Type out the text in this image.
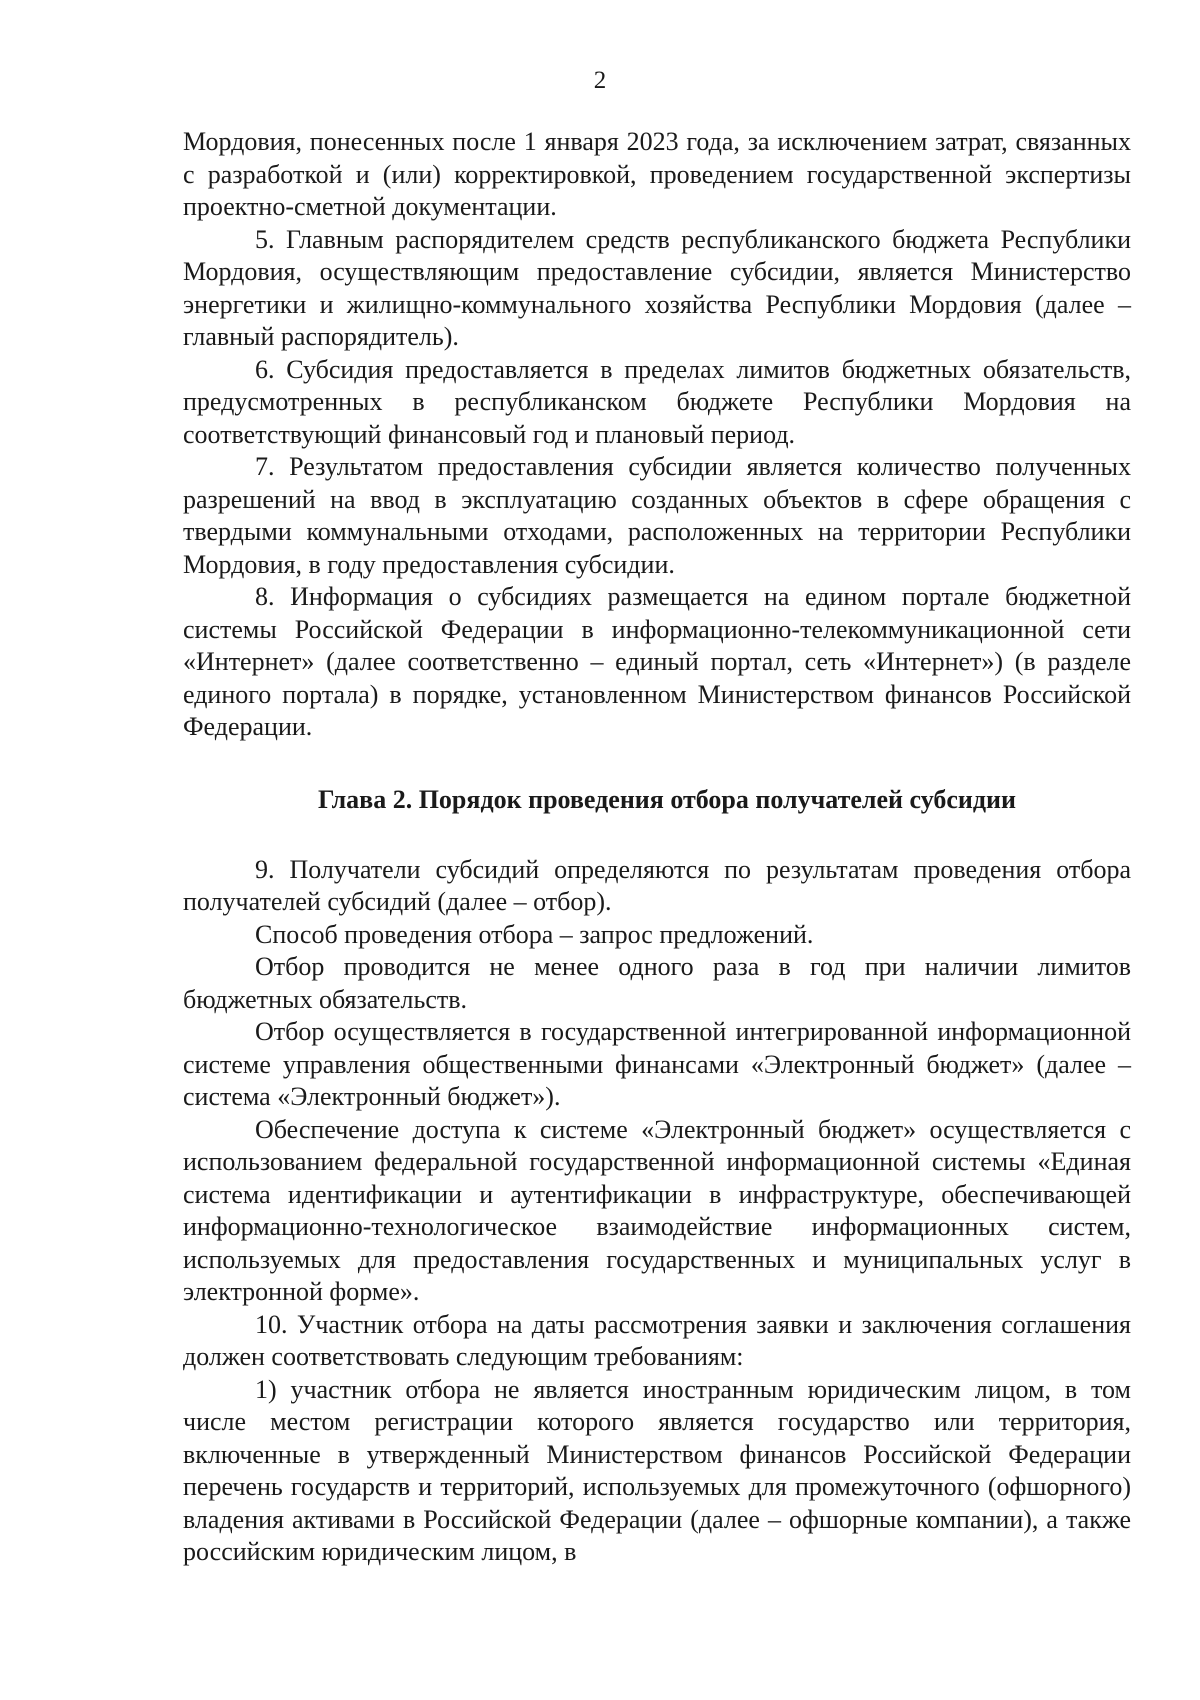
2

Мордовия, понесенных после 1 января 2023 года, за исключением затрат, связанных с разработкой и (или) корректировкой, проведением государственной экспертизы проектно-сметной документации.

5. Главным распорядителем средств республиканского бюджета Республики Мордовия, осуществляющим предоставление субсидии, является Министерство энергетики и жилищно-коммунального хозяйства Республики Мордовия (далее – главный распорядитель).

6. Субсидия предоставляется в пределах лимитов бюджетных обязательств, предусмотренных в республиканском бюджете Республики Мордовия на соответствующий финансовый год и плановый период.

7. Результатом предоставления субсидии является количество полученных разрешений на ввод в эксплуатацию созданных объектов в сфере обращения с твердыми коммунальными отходами, расположенных на территории Республики Мордовия, в году предоставления субсидии.

8. Информация о субсидиях размещается на едином портале бюджетной системы Российской Федерации в информационно-телекоммуникационной сети «Интернет» (далее соответственно – единый портал, сеть «Интернет») (в разделе единого портала) в порядке, установленном Министерством финансов Российской Федерации.

Глава 2. Порядок проведения отбора получателей субсидии

9. Получатели субсидий определяются по результатам проведения отбора получателей субсидий (далее – отбор).

Способ проведения отбора – запрос предложений.

Отбор проводится не менее одного раза в год при наличии лимитов бюджетных обязательств.

Отбор осуществляется в государственной интегрированной информационной системе управления общественными финансами «Электронный бюджет» (далее – система «Электронный бюджет»).

Обеспечение доступа к системе «Электронный бюджет» осуществляется с использованием федеральной государственной информационной системы «Единая система идентификации и аутентификации в инфраструктуре, обеспечивающей информационно-технологическое взаимодействие информационных систем, используемых для предоставления государственных и муниципальных услуг в электронной форме».

10. Участник отбора на даты рассмотрения заявки и заключения соглашения должен соответствовать следующим требованиям:

1) участник отбора не является иностранным юридическим лицом, в том числе местом регистрации которого является государство или территория, включенные в утвержденный Министерством финансов Российской Федерации перечень государств и территорий, используемых для промежуточного (офшорного) владения активами в Российской Федерации (далее – офшорные компании), а также российским юридическим лицом, в
